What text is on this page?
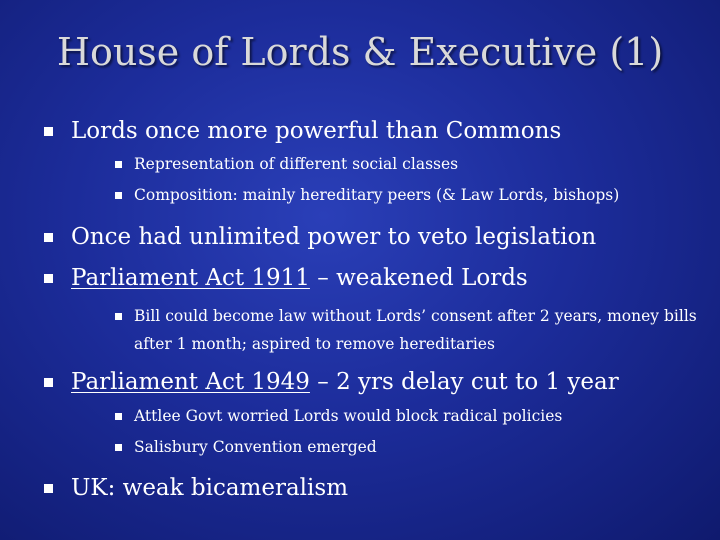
House of Lords & Executive (1)
Lords once more powerful than Commons
Representation of different social classes
Composition: mainly hereditary peers (& Law Lords, bishops)
Once had unlimited power to veto legislation
Parliament Act 1911 – weakened Lords
Bill could become law without Lords’ consent after 2 years, money bills
after 1 month; aspired to remove hereditaries
Parliament Act 1949 – 2 yrs delay cut to 1 year
Attlee Govt worried Lords would block radical policies
Salisbury Convention emerged
UK: weak bicameralism
